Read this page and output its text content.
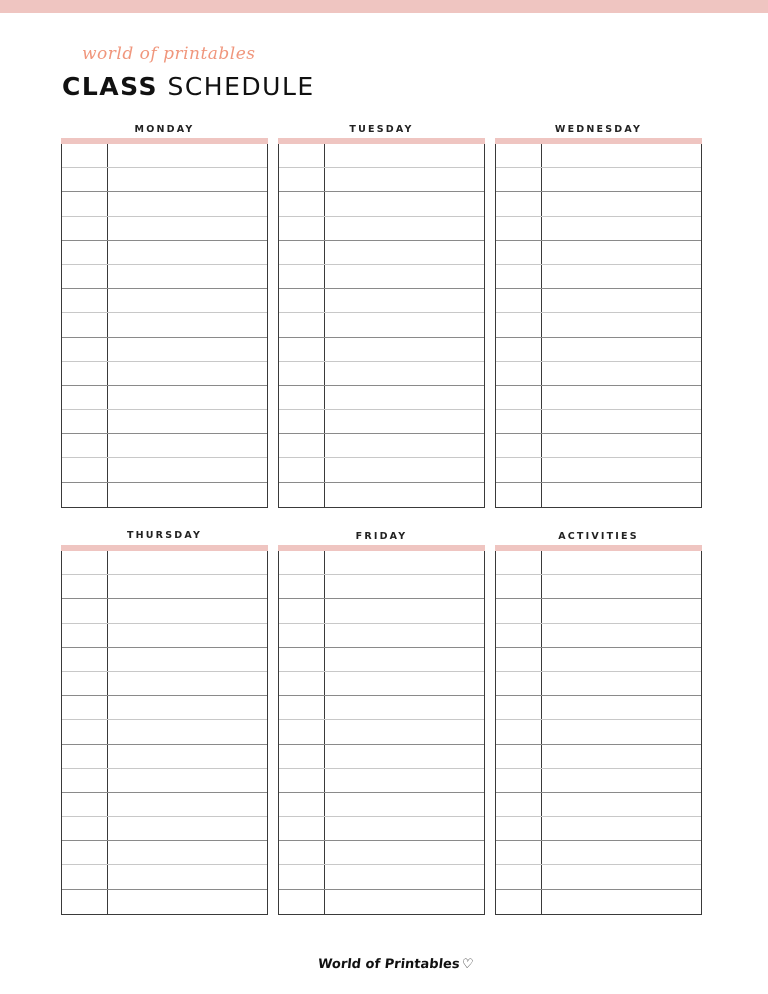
world of printables
CLASS SCHEDULE
MONDAY	TUESDAY	WEDNESDAY
THURSDAY	FRIDAY	ACTIVITIES
World of Printables♡
